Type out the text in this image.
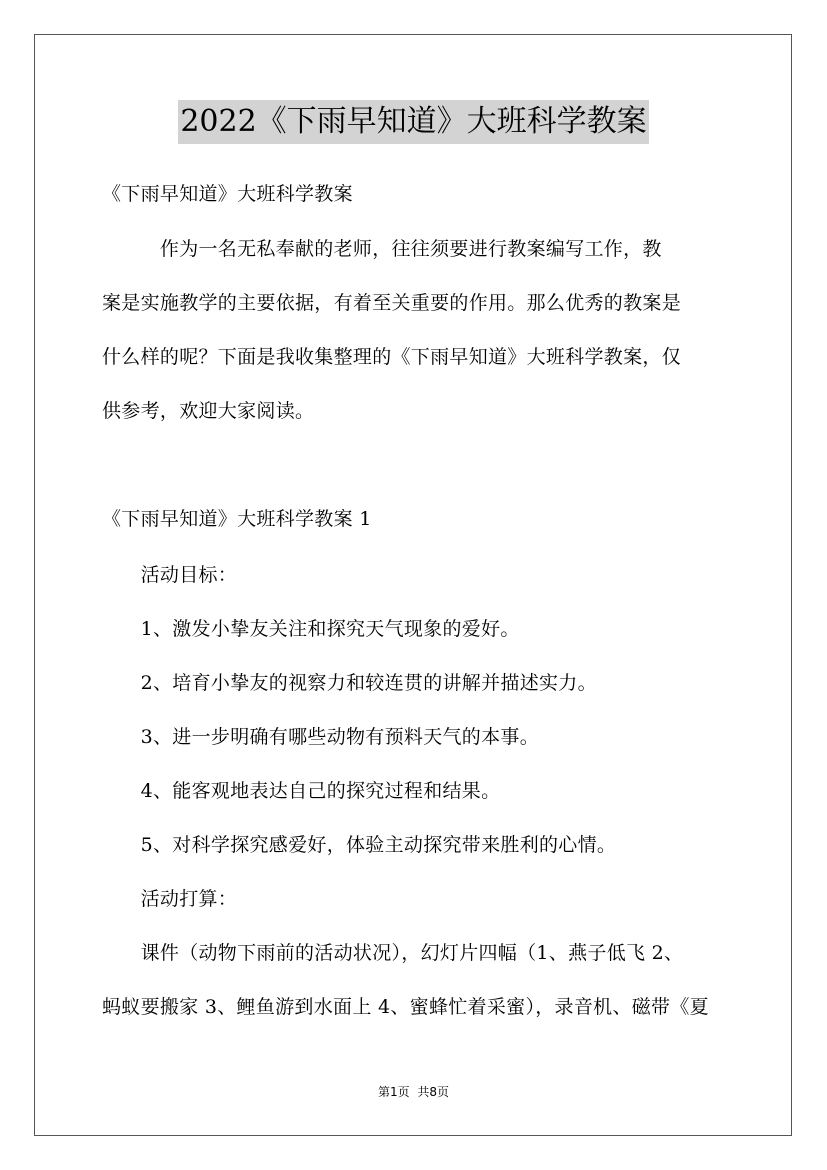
2022《下雨早知道》大班科学教案
《下雨早知道》大班科学教案
　　　作为一名无私奉献的老师，往往须要进行教案编写工作，教
案是实施教学的主要依据，有着至关重要的作用。那么优秀的教案是
什么样的呢？下面是我收集整理的《下雨早知道》大班科学教案，仅
供参考，欢迎大家阅读。
《下雨早知道》大班科学教案 1
　　活动目标：
　　1、激发小挚友关注和探究天气现象的爱好。
　　2、培育小挚友的视察力和较连贯的讲解并描述实力。
　　3、进一步明确有哪些动物有预料天气的本事。
　　4、能客观地表达自己的探究过程和结果。
　　5、对科学探究感爱好，体验主动探究带来胜利的心情。
　　活动打算：
　　课件（动物下雨前的活动状况），幻灯片四幅（1、燕子低飞 2、
蚂蚁要搬家 3、鲤鱼游到水面上 4、蜜蜂忙着采蜜），录音机、磁带《夏
第1页 共8页
